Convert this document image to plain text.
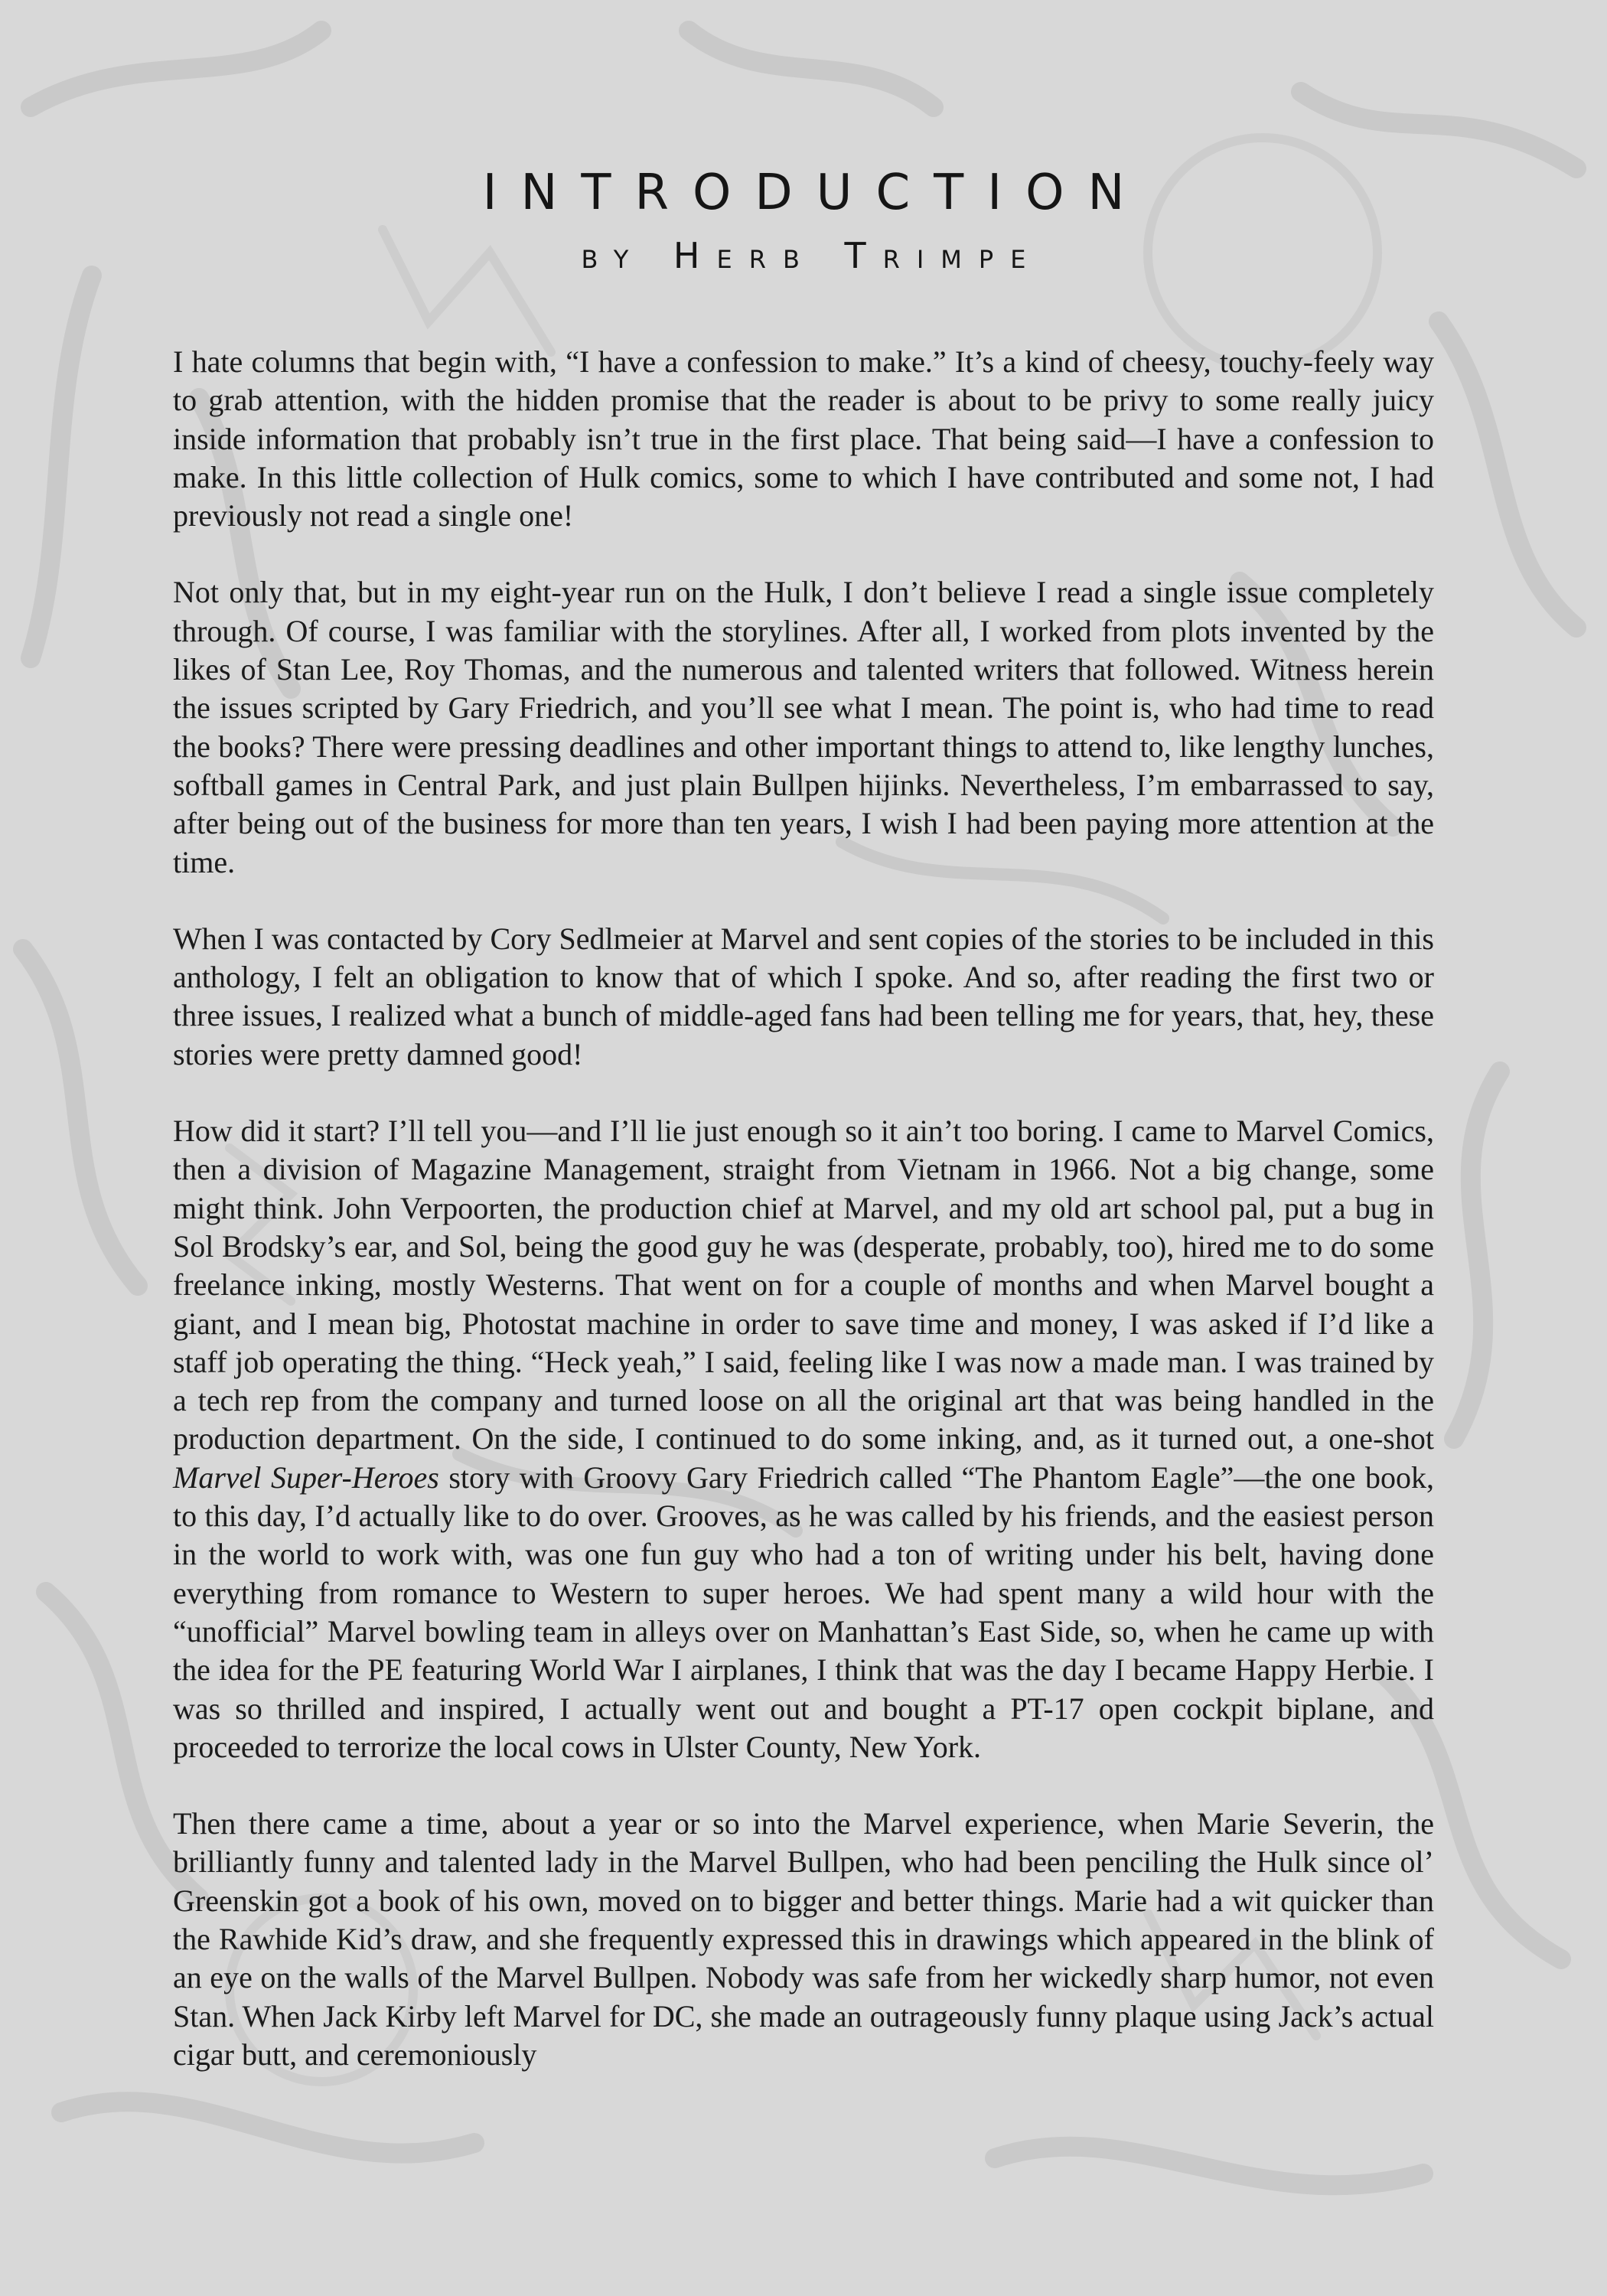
INTRODUCTION
by Herb Trimpe

I hate columns that begin with, “I have a confession to make.” It’s a kind of cheesy, touchy-feely way to grab attention, with the hidden promise that the reader is about to be privy to some really juicy inside information that probably isn’t true in the first place. That being said—I have a confession to make. In this little collection of Hulk comics, some to which I have contributed and some not, I had previously not read a single one!

Not only that, but in my eight-year run on the Hulk, I don’t believe I read a single issue completely through. Of course, I was familiar with the storylines. After all, I worked from plots invented by the likes of Stan Lee, Roy Thomas, and the numerous and talented writers that followed. Witness herein the issues scripted by Gary Friedrich, and you’ll see what I mean. The point is, who had time to read the books? There were pressing deadlines and other important things to attend to, like lengthy lunches, softball games in Central Park, and just plain Bullpen hijinks. Nevertheless, I’m embarrassed to say, after being out of the business for more than ten years, I wish I had been paying more attention at the time.

When I was contacted by Cory Sedlmeier at Marvel and sent copies of the stories to be included in this anthology, I felt an obligation to know that of which I spoke. And so, after reading the first two or three issues, I realized what a bunch of middle-aged fans had been telling me for years, that, hey, these stories were pretty damned good!

How did it start? I’ll tell you—and I’ll lie just enough so it ain’t too boring. I came to Marvel Comics, then a division of Magazine Management, straight from Vietnam in 1966. Not a big change, some might think. John Verpoorten, the production chief at Marvel, and my old art school pal, put a bug in Sol Brodsky’s ear, and Sol, being the good guy he was (desperate, probably, too), hired me to do some freelance inking, mostly Westerns. That went on for a couple of months and when Marvel bought a giant, and I mean big, Photostat machine in order to save time and money, I was asked if I’d like a staff job operating the thing. “Heck yeah,” I said, feeling like I was now a made man. I was trained by a tech rep from the company and turned loose on all the original art that was being handled in the production department. On the side, I continued to do some inking, and, as it turned out, a one-shot Marvel Super-Heroes story with Groovy Gary Friedrich called “The Phantom Eagle”—the one book, to this day, I’d actually like to do over. Grooves, as he was called by his friends, and the easiest person in the world to work with, was one fun guy who had a ton of writing under his belt, having done everything from romance to Western to super heroes. We had spent many a wild hour with the “unofficial” Marvel bowling team in alleys over on Manhattan’s East Side, so, when he came up with the idea for the PE featuring World War I airplanes, I think that was the day I became Happy Herbie. I was so thrilled and inspired, I actually went out and bought a PT-17 open cockpit biplane, and proceeded to terrorize the local cows in Ulster County, New York.

Then there came a time, about a year or so into the Marvel experience, when Marie Severin, the brilliantly funny and talented lady in the Marvel Bullpen, who had been penciling the Hulk since ol’ Greenskin got a book of his own, moved on to bigger and better things. Marie had a wit quicker than the Rawhide Kid’s draw, and she frequently expressed this in drawings which appeared in the blink of an eye on the walls of the Marvel Bullpen. Nobody was safe from her wickedly sharp humor, not even Stan. When Jack Kirby left Marvel for DC, she made an outrageously funny plaque using Jack’s actual cigar butt, and ceremoniously
